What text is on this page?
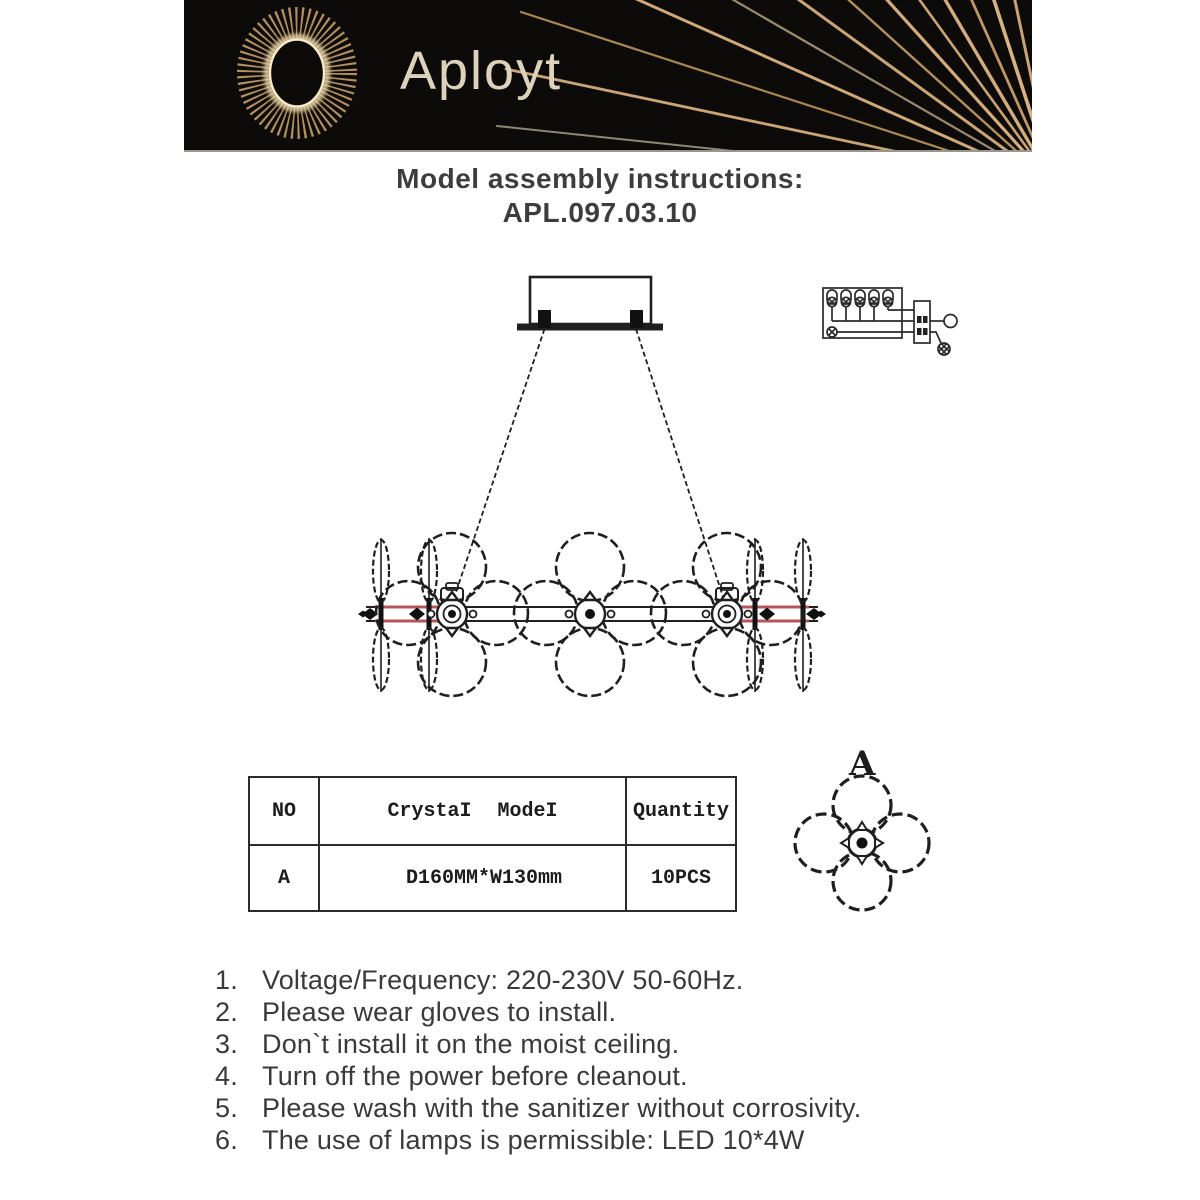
Aployt
Model assembly instructions:
APL.097.03.10
A
NO	CrystaI ModeI	Quantity
A	D160MM*W130mm	10PCS
1. Voltage/Frequency: 220-230V 50-60Hz.
2. Please wear gloves to install.
3. Don`t install it on the moist ceiling.
4. Turn off the power before cleanout.
5. Please wash with the sanitizer without corrosivity.
6. The use of lamps is permissible: LED 10*4W
